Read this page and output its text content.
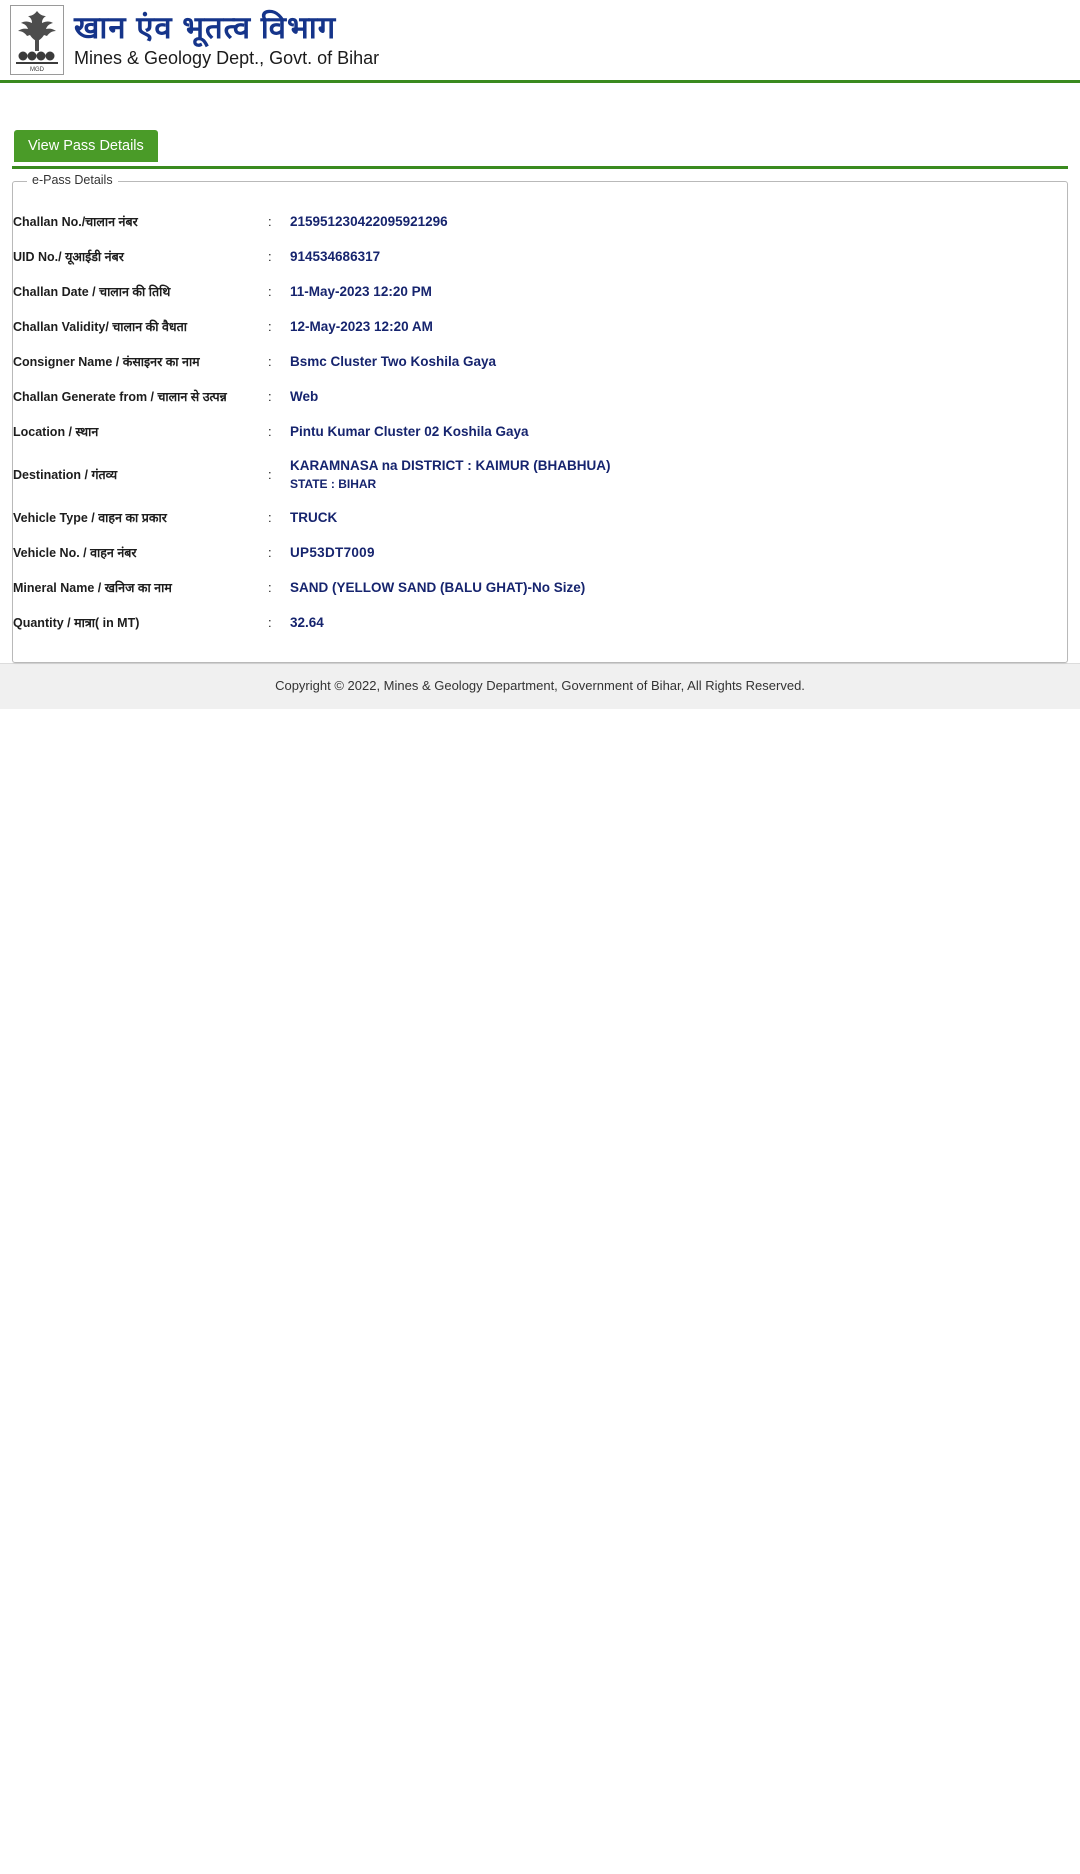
MGD
खान एंव भूतत्व विभाग
Mines & Geology Dept., Govt. of Bihar
View Pass Details
e-Pass Details
Challan No./चालान नंबर	:	215951230422095921296
UID No./ यूआईडी नंबर	:	914534686317
Challan Date / चालान की तिथि	:	11-May-2023 12:20 PM
Challan Validity/ चालान की वैधता	:	12-May-2023 12:20 AM
Consigner Name / कंसाइनर का नाम	:	Bsmc Cluster Two Koshila Gaya
Challan Generate from / चालान से उत्पन्न	:	Web
Location / स्थान	:	Pintu Kumar Cluster 02 Koshila Gaya
Destination / गंतव्य	:	KARAMNASA na DISTRICT : KAIMUR (BHABHUA)
STATE : BIHAR

Vehicle Type / वाहन का प्रकार	:	TRUCK
Vehicle No. / वाहन नंबर	:	UP53DT7009
Mineral Name / खनिज का नाम	:	SAND (YELLOW SAND (BALU GHAT)-No Size)
Quantity / मात्रा( in MT)	:	32.64
Copyright © 2022, Mines & Geology Department, Government of Bihar, All Rights Reserved.
